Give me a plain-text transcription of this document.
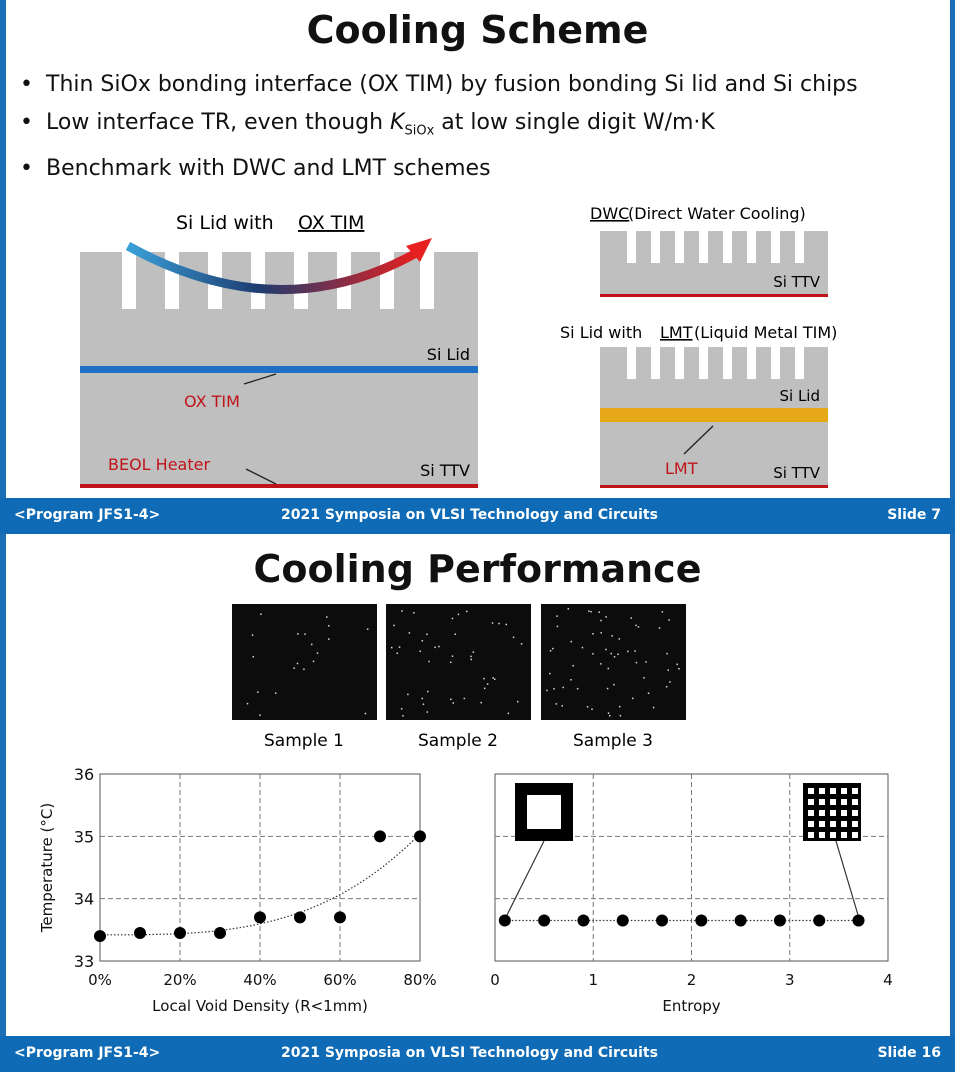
Cooling Scheme
• Thin SiOx bonding interface (OX TIM) by fusion bonding Si lid and Si chips
• Low interface TR, even though $K_{SiOx}$ at low single digit W/m·K
• Benchmark with DWC and LMT schemes
Si Lid with OX TIM
Si Lid
OX TIM
BEOL Heater	Si TTV
DWC
(Direct Water Cooling)
Si TTV
Si Lid with LMT (Liquid Metal TIM)
Si Lid
LMT	Si TTV
<Program JFS1-4>	2021 Symposia on VLSI Technology and Circuits	Slide 7
Cooling Performance
Sample 1	Sample 2	Sample 3
0%	20%	40%	60%	80%
33
34
35
36
Local Void Density (R<1mm)
Temperature (°C)
0	1	2	3	4
Entropy
<Program JFS1-4>	2021 Symposia on VLSI Technology and Circuits	Slide 16
